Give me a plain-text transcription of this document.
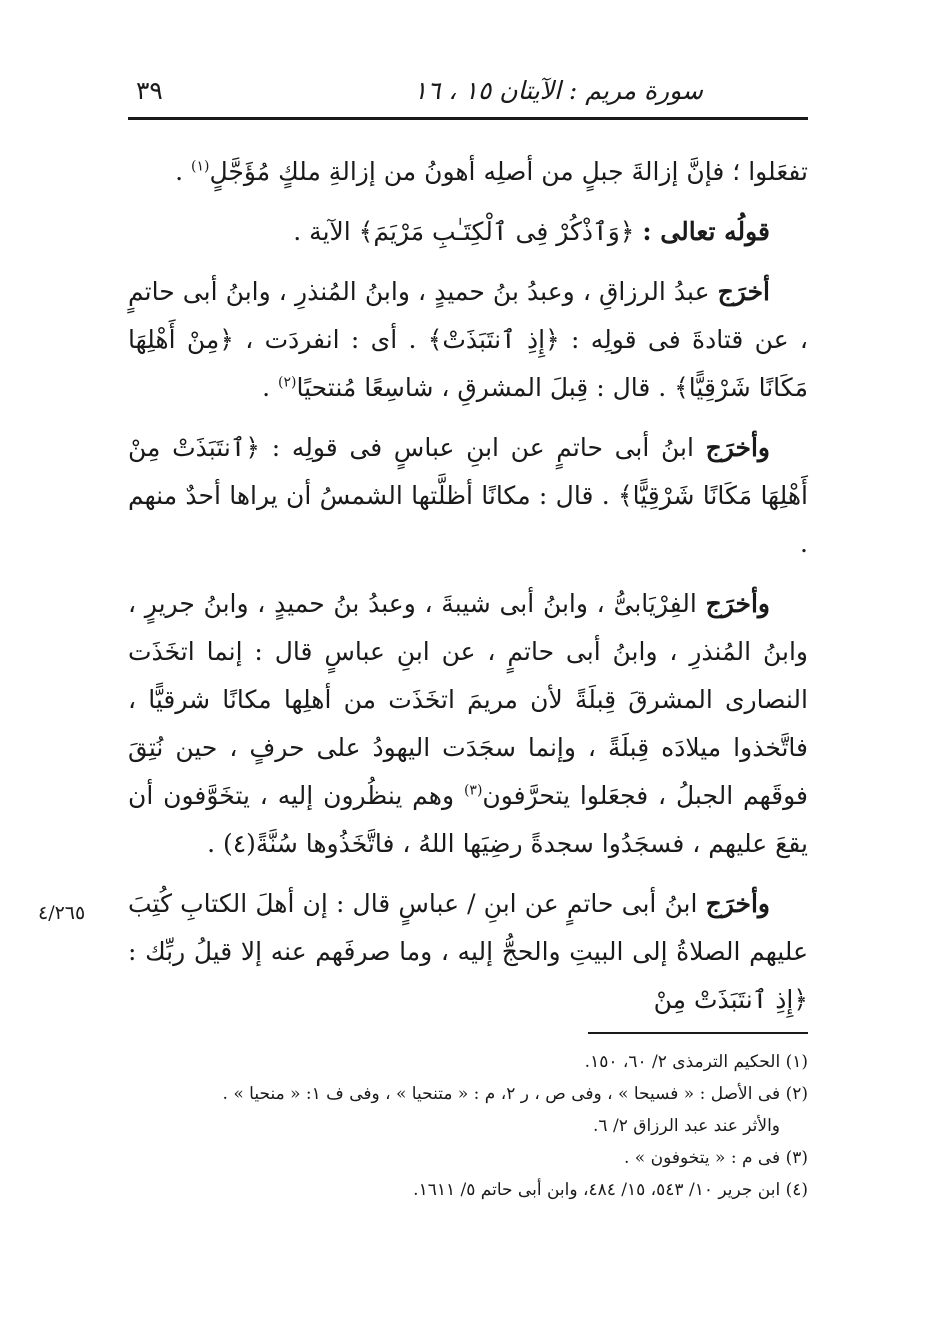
سورة مريم : الآيتان ١٥ ، ١٦
٣٩

تفعَلوا ؛ فإنَّ إزالةَ جبلٍ من أصلِه أهونُ من إزالةِ ملكٍ مُؤَجَّلٍ$^{(١)}$ .

قولُه تعالى : ﴿وَٱذْكُرْ فِى ٱلْكِتَـٰبِ مَرْيَمَ﴾ الآية .

أخرَج عبدُ الرزاقِ ، وعبدُ بنُ حميدٍ ، وابنُ المُنذرِ ، وابنُ أبى حاتمٍ ، عن قتادةَ فى قولِه : ﴿إِذِ ٱنتَبَذَتْ﴾ . أى : انفردَت ، ﴿مِنْ أَهْلِهَا مَكَانًا شَرْقِيًّا﴾ . قال : قِبلَ المشرقِ ، شاسِعًا مُنتحيًا$^{(٢)}$ .

وأخرَج ابنُ أبى حاتمٍ عن ابنِ عباسٍ فى قولِه : ﴿ٱنتَبَذَتْ مِنْ أَهْلِهَا مَكَانًا شَرْقِيًّا﴾ . قال : مكانًا أظلَّتها الشمسُ أن يراها أحدٌ منهم .

وأخرَج الفِرْيَابىُّ ، وابنُ أبى شيبةَ ، وعبدُ بنُ حميدٍ ، وابنُ جريرٍ ، وابنُ المُنذرِ ، وابنُ أبى حاتمٍ ، عن ابنِ عباسٍ قال : إنما اتخَذَت النصارى المشرقَ قِبلَةً لأن مريمَ اتخَذَت من أهلِها مكانًا شرقيًّا ، فاتَّخذوا ميلادَه قِبلَةً ، وإنما سجَدَت اليهودُ على حرفٍ ، حين نُتِقَ فوقَهم الجبلُ ، فجعَلوا يتحرَّفون$^{(٣)}$ وهم ينظُرون إليه ، يتخَوَّفون أن يقعَ عليهم ، فسجَدُوا سجدةً رضِيَها اللهُ ، فاتَّخَذُوها سُنَّةً(٤) .

وأخرَج ابنُ أبى حاتمٍ عن ابنِ / عباسٍ قال : إن أهلَ الكتابِ كُتِبَ عليهم الصلاةُ إلى البيتِ والحجُّ إليه ، وما صرفَهم عنه إلا قيلُ ربِّك : ﴿إِذِ ٱنتَبَذَتْ مِنْ

٤/٢٦٥
(١) الحكيم الترمذى ٢/ ٦٠، ١٥٠.
(٢) فى الأصل : « فسيحا » ، وفى ص ، ر ٢، م : « متنحيا » ، وفى ف ١: « منحيا » .
والأثر عند عبد الرزاق ٢/ ٦.
(٣) فى م : « يتخوفون » .
(٤) ابن جرير ١٠/ ٥٤٣، ١٥/ ٤٨٤، وابن أبى حاتم ٥/ ١٦١١.
